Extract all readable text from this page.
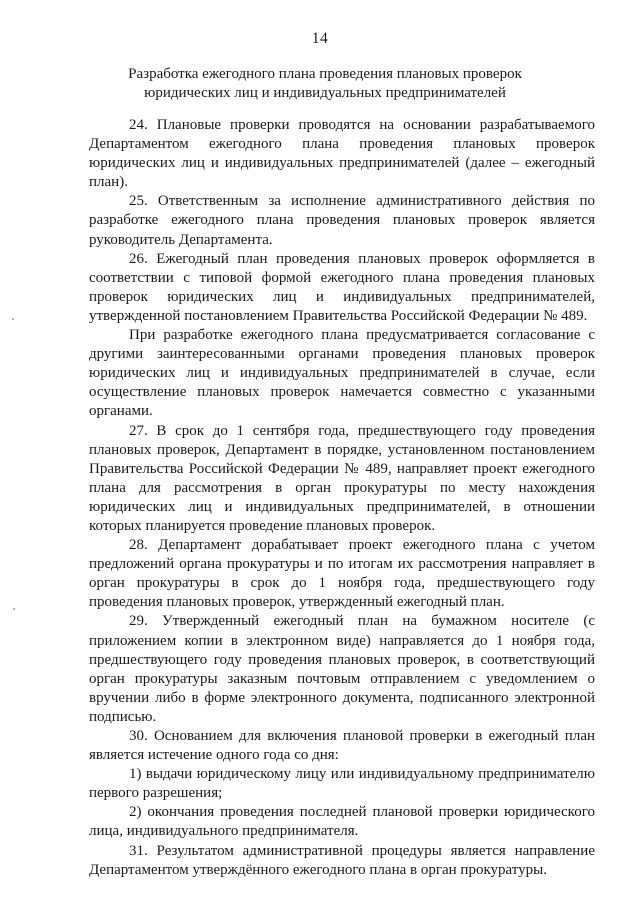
14
Разработка ежегодного плана проведения плановых проверок
юридических лиц и индивидуальных предпринимателей

24. Плановые проверки проводятся на основании разрабатываемого Департаментом ежегодного плана проведения плановых проверок юридических лиц и индивидуальных предпринимателей (далее – ежегодный план).

25. Ответственным за исполнение административного действия по разработке ежегодного плана проведения плановых проверок является руководитель Департамента.

26. Ежегодный план проведения плановых проверок оформляется в соответствии с типовой формой ежегодного плана проведения плановых проверок юридических лиц и индивидуальных предпринимателей, утвержденной постановлением Правительства Российской Федерации № 489.

При разработке ежегодного плана предусматривается согласование с другими заинтересованными органами проведения плановых проверок юридических лиц и индивидуальных предпринимателей в случае, если осуществление плановых проверок намечается совместно с указанными органами.

27. В срок до 1 сентября года, предшествующего году проведения плановых проверок, Департамент в порядке, установленном постановлением Правительства Российской Федерации № 489, направляет проект ежегодного плана для рассмотрения в орган прокуратуры по месту нахождения юридических лиц и индивидуальных предпринимателей, в отношении которых планируется проведение плановых проверок.

28. Департамент дорабатывает проект ежегодного плана с учетом предложений органа прокуратуры и по итогам их рассмотрения направляет в орган прокуратуры в срок до 1 ноября года, предшествующего году проведения плановых проверок, утвержденный ежегодный план.

29. Утвержденный ежегодный план на бумажном носителе (с приложением копии в электронном виде) направляется до 1 ноября года, предшествующего году проведения плановых проверок, в соответствующий орган прокуратуры заказным почтовым отправлением с уведомлением о вручении либо в форме электронного документа, подписанного электронной подписью.

30. Основанием для включения плановой проверки в ежегодный план является истечение одного года со дня:

1) выдачи юридическому лицу или индивидуальному предпринимателю первого разрешения;

2) окончания проведения последней плановой проверки юридического лица, индивидуального предпринимателя.

31. Результатом административной процедуры является направление Департаментом утверждённого ежегодного плана в орган прокуратуры.
